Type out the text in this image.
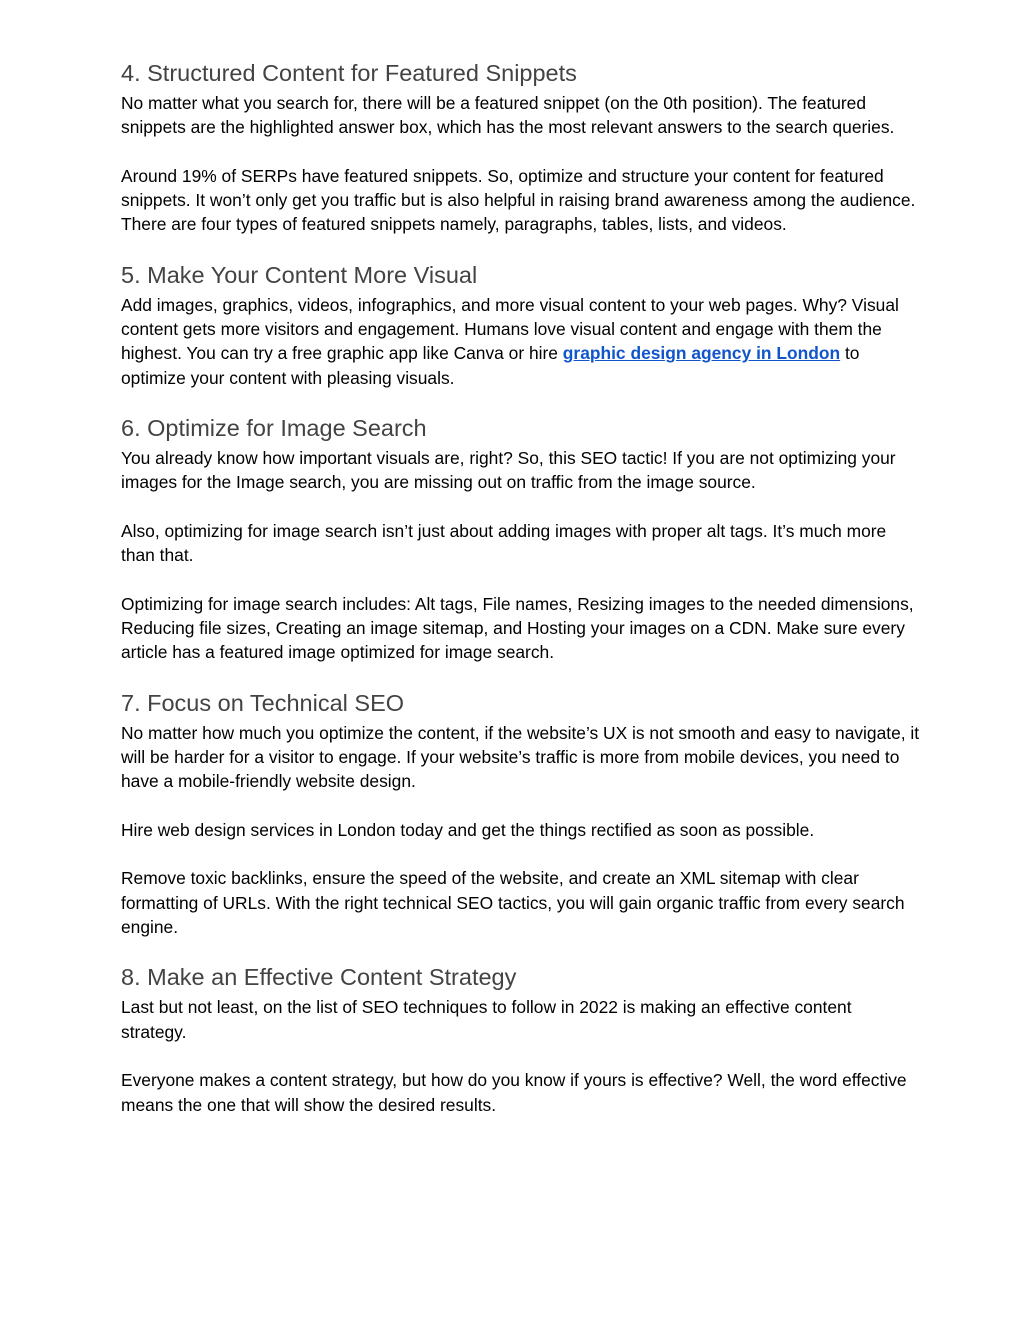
4. Structured Content for Featured Snippets

No matter what you search for, there will be a featured snippet (on the 0th position). The featured snippets are the highlighted answer box, which has the most relevant answers to the search queries.

Around 19% of SERPs have featured snippets. So, optimize and structure your content for featured snippets. It won’t only get you traffic but is also helpful in raising brand awareness among the audience. There are four types of featured snippets namely, paragraphs, tables, lists, and videos.

5. Make Your Content More Visual

Add images, graphics, videos, infographics, and more visual content to your web pages. Why? Visual content gets more visitors and engagement. Humans love visual content and engage with them the highest. You can try a free graphic app like Canva or hire graphic design agency in London to optimize your content with pleasing visuals.

6. Optimize for Image Search

You already know how important visuals are, right? So, this SEO tactic! If you are not optimizing your images for the Image search, you are missing out on traffic from the image source.

Also, optimizing for image search isn’t just about adding images with proper alt tags. It’s much more than that.

Optimizing for image search includes: Alt tags, File names, Resizing images to the needed dimensions, Reducing file sizes, Creating an image sitemap, and Hosting your images on a CDN. Make sure every article has a featured image optimized for image search.

7. Focus on Technical SEO

No matter how much you optimize the content, if the website’s UX is not smooth and easy to navigate, it will be harder for a visitor to engage. If your website’s traffic is more from mobile devices, you need to have a mobile-friendly website design.

Hire web design services in London today and get the things rectified as soon as possible.

Remove toxic backlinks, ensure the speed of the website, and create an XML sitemap with clear formatting of URLs. With the right technical SEO tactics, you will gain organic traffic from every search engine.

8. Make an Effective Content Strategy

Last but not least, on the list of SEO techniques to follow in 2022 is making an effective content strategy.

Everyone makes a content strategy, but how do you know if yours is effective? Well, the word effective means the one that will show the desired results.
